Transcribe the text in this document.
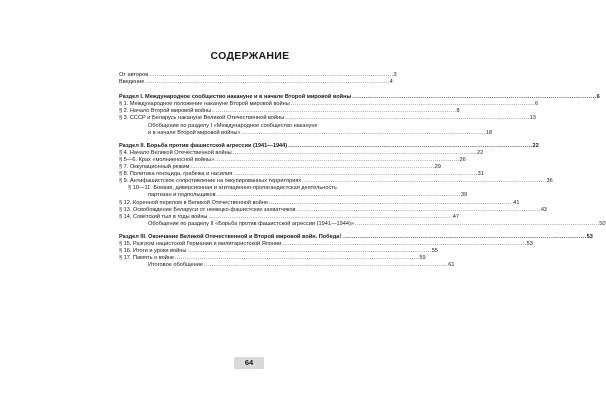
СОДЕРЖАНИЕ
От авторов . . .	3
Введение . . .	4
Раздел I. Международное сообщество накануне и в начале Второй мировой войны . . .	6
§ 1. Международное положение накануне Второй мировой войны . . .	6
§ 2. Начало Второй мировой войны . . .	8
§ 3. СССР и Беларусь накануне Великой Отечественной войны . . .	13
Обобщение по разделу I «Международное сообщество накануне
и в начале Второй мировой войны» . . .	18
Раздел II. Борьба против фашистской агрессии (1941—1944) . . .	22
§ 4. Начало Великой Отечественной войны . . .	22
§ 5—6. Крах «молниеносной войны» . . .	26
§ 7. Оккупационный режим . . .	29
§ 8. Политика геноцида, грабежа и насилия . . .	31
§ 9. Антифашистское сопротивление на оккупированных территориях . . .	36
§ 10—11. Боевая, диверсионная и агитационно-пропагандистская деятельность
партизан и подпольщиков . . .	39
§ 12. Коренной перелом в Великой Отечественной войне . . .	41
§ 13. Освобождение Беларуси от немецко-фашистских захватчиков . . .	43
§ 14. Советский тыл в годы войны . . .	47
Обобщение по разделу II «Борьба против фашистской агрессии (1941—1944)» . . .	50
Раздел III. Окончание Великой Отечественной и Второй мировой войн. Победа! . . .	53
§ 15. Разгром нацистской Германии и милитаристской Японии . . .	53
§ 16. Итоги и уроки войны . . .	55
§ 17. Память о войне . . .	59
Итоговое обобщение . . .	61
64
